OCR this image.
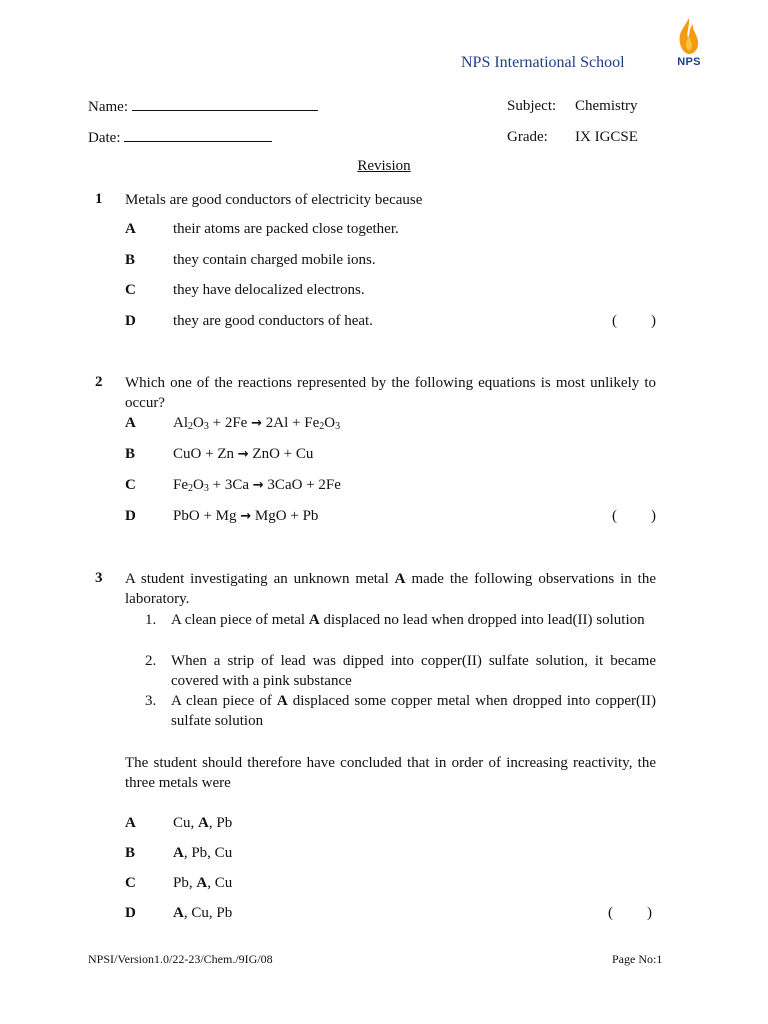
NPS International School	NPS
Name:
Date:
Subject: Chemistry
Grade: IX IGCSE
Revision
1 Metals are good conductors of electricity because
A their atoms are packed close together.
B	they contain charged mobile ions.
C they have delocalized electrons.
D they are good conductors of heat.	( )
2 Which one of the reactions represented by the following equations is most unlikely to occur?
A $Al_2O_3 + 2Fe \to 2Al + Fe_2O_3$
B	CuO + Zn → ZnO + Cu
C $Fe_2O_3 + 3Ca \to 3CaO + 2Fe$
D PbO + Mg → MgO + Pb	( )
3 A student investigating an unknown metal A made the following observations in the laboratory.
1. A clean piece of metal A displaced no lead when dropped into lead(II) solution
2. When a strip of lead was dipped into copper(II) sulfate solution, it became covered with a pink substance
3. A clean piece of A displaced some copper metal when dropped into copper(II) sulfate solution
The student should therefore have concluded that in order of increasing reactivity, the three metals were
A Cu, A, Pb
B	A, Pb, Cu
C Pb, A, Cu
D A, Cu, Pb	( )
NPSI/Version1.0/22-23/Chem./9IG/08	Page No:1
